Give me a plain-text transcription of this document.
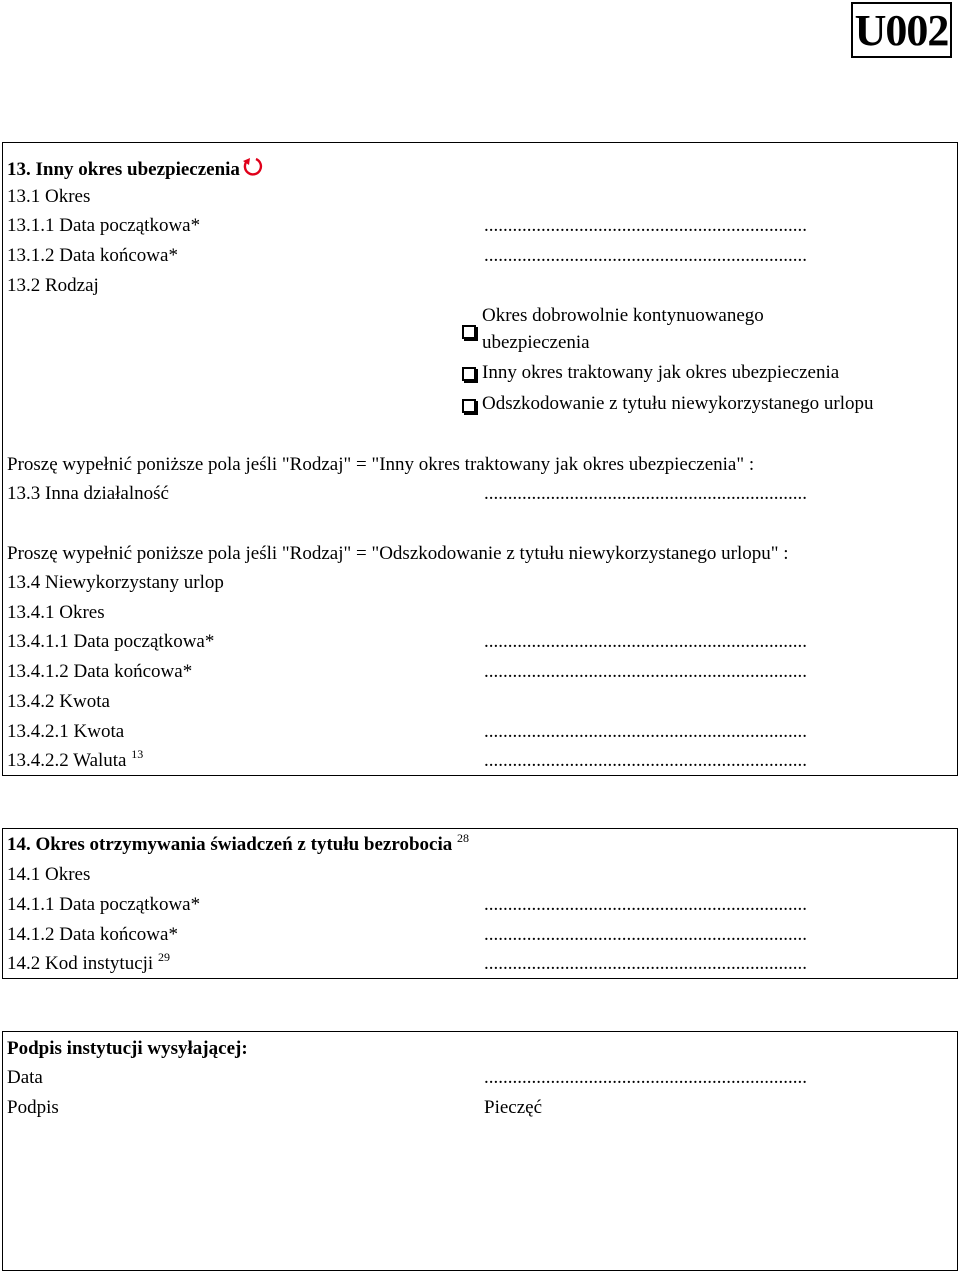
U002
13. Inny okres ubezpieczenia
13.1 Okres
13.1.1 Data początkowa*	....................................................................
13.1.2 Data końcowa*	....................................................................
13.2 Rodzaj
Okres dobrowolnie kontynuowanego
ubezpieczenia
Inny okres traktowany jak okres ubezpieczenia
Odszkodowanie z tytułu niewykorzystanego urlopu
Proszę wypełnić poniższe pola jeśli "Rodzaj" = "Inny okres traktowany jak okres ubezpieczenia" :
13.3 Inna działalność	....................................................................
Proszę wypełnić poniższe pola jeśli "Rodzaj" = "Odszkodowanie z tytułu niewykorzystanego urlopu" :
13.4 Niewykorzystany urlop
13.4.1 Okres
13.4.1.1 Data początkowa*	....................................................................
13.4.1.2 Data końcowa*	....................................................................
13.4.2 Kwota
13.4.2.1 Kwota	....................................................................
13.4.2.2 Waluta $^{13}$	....................................................................
14. Okres otrzymywania świadczeń z tytułu bezrobocia $^{28}$
14.1 Okres
14.1.1 Data początkowa*	....................................................................
14.1.2 Data końcowa*	....................................................................
14.2 Kod instytucji $^{29}$	....................................................................
Podpis instytucji wysyłającej:
Data	....................................................................
Podpis	Pieczęć
